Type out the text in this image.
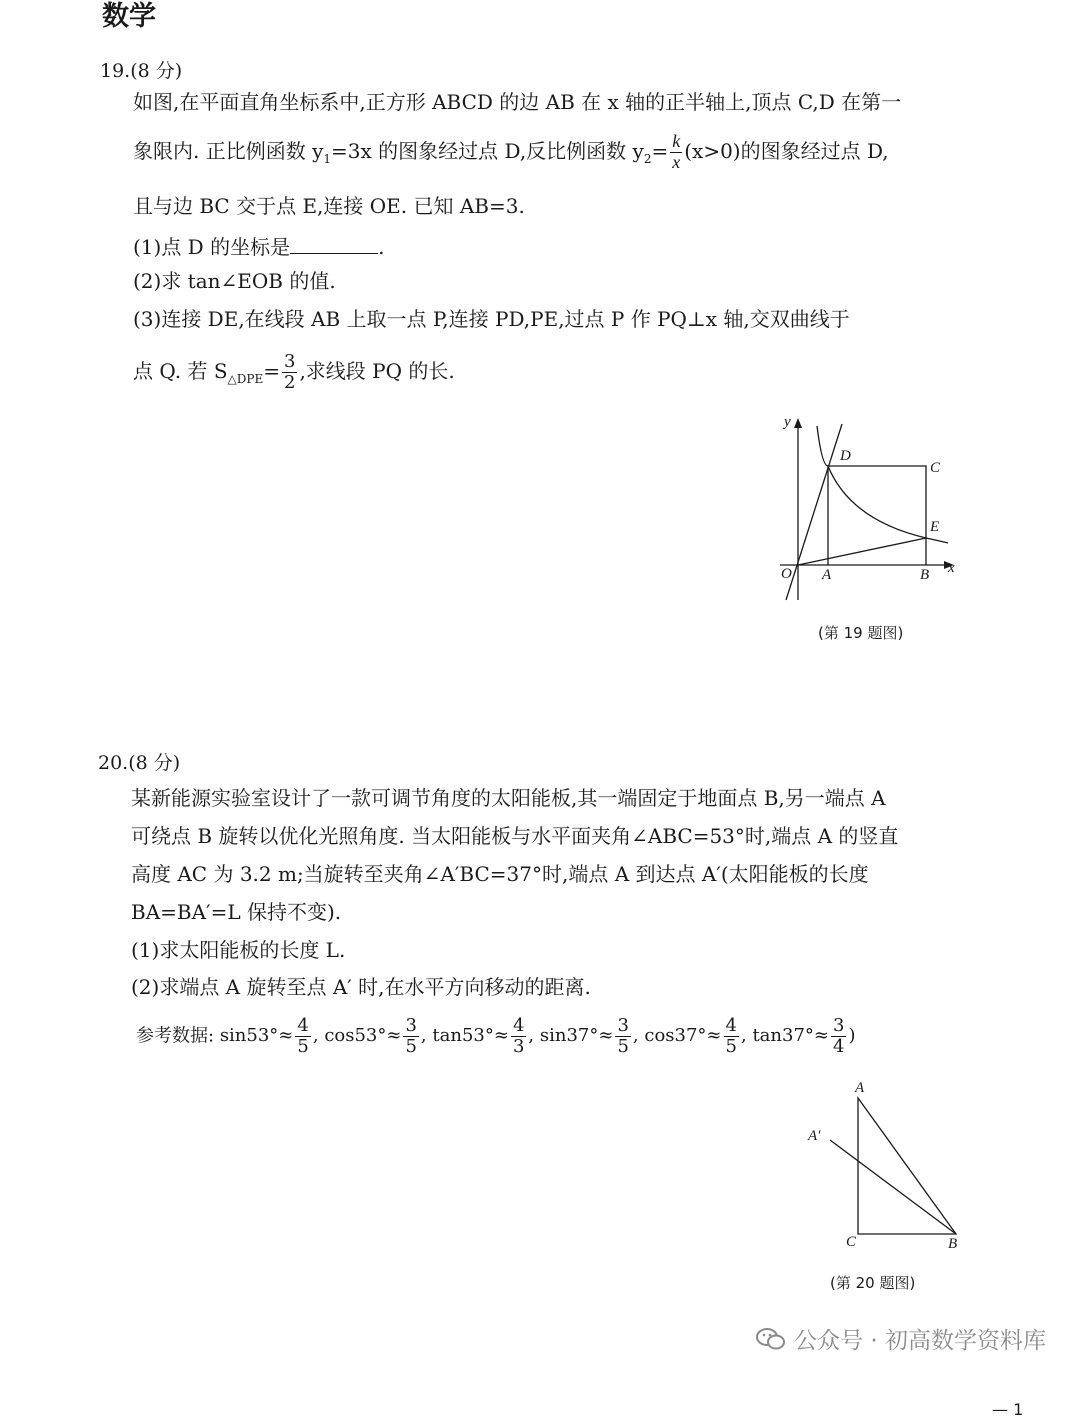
数学
19.(8 分)
如图,在平面直角坐标系中,正方形 ABCD 的边 AB 在 x 轴的正半轴上,顶点 C,D 在第一
象限内. 正比例函数 $y_1=3x$ 的图象经过点 D,反比例函数 $y_2= \frac{k}{x} (x>0)$的图象经过点 D,
且与边 BC 交于点 E,连接 OE. 已知 AB=3.
(1)点 D 的坐标是	.
(2)求 tan∠EOB 的值.
(3)连接 DE,在线段 AB 上取一点 P,连接 PD,PE,过点 P 作 PQ⊥x 轴,交双曲线于
点 Q. 若 $S_{\triangle DPE}= \frac{3}{2}$ ,求线段 PQ 的长.
y
x
O A	B
C
D
E
(第 19 题图)
20.(8 分)
某新能源实验室设计了一款可调节角度的太阳能板,其一端固定于地面点 B,另一端点 A
可绕点 B 旋转以优化光照角度. 当太阳能板与水平面夹角∠ABC=53°时,端点 A 的竖直
高度 AC 为 3.2 m;当旋转至夹角∠A′BC=37°时,端点 A 到达点 A′(太阳能板的长度
BA=BA′=L 保持不变).
(1)求太阳能板的长度 L.
(2)求端点 A 旋转至点 A′ 时,在水平方向移动的距离.
参考数据: $\sin 53^\circ\approx \frac{4}{5}$ , $\cos 53^\circ\approx \frac{3}{5}$ , $\tan 53^\circ\approx \frac{4}{3}$ , $\sin 37^\circ\approx \frac{3}{5}$ , $\cos 37^\circ\approx \frac{4}{5}$ , $\tan 37^\circ\approx \frac{3}{4}$ )
A
A′
C	B
(第 20 题图)
公众号 · 初高数学资料库
— 1
